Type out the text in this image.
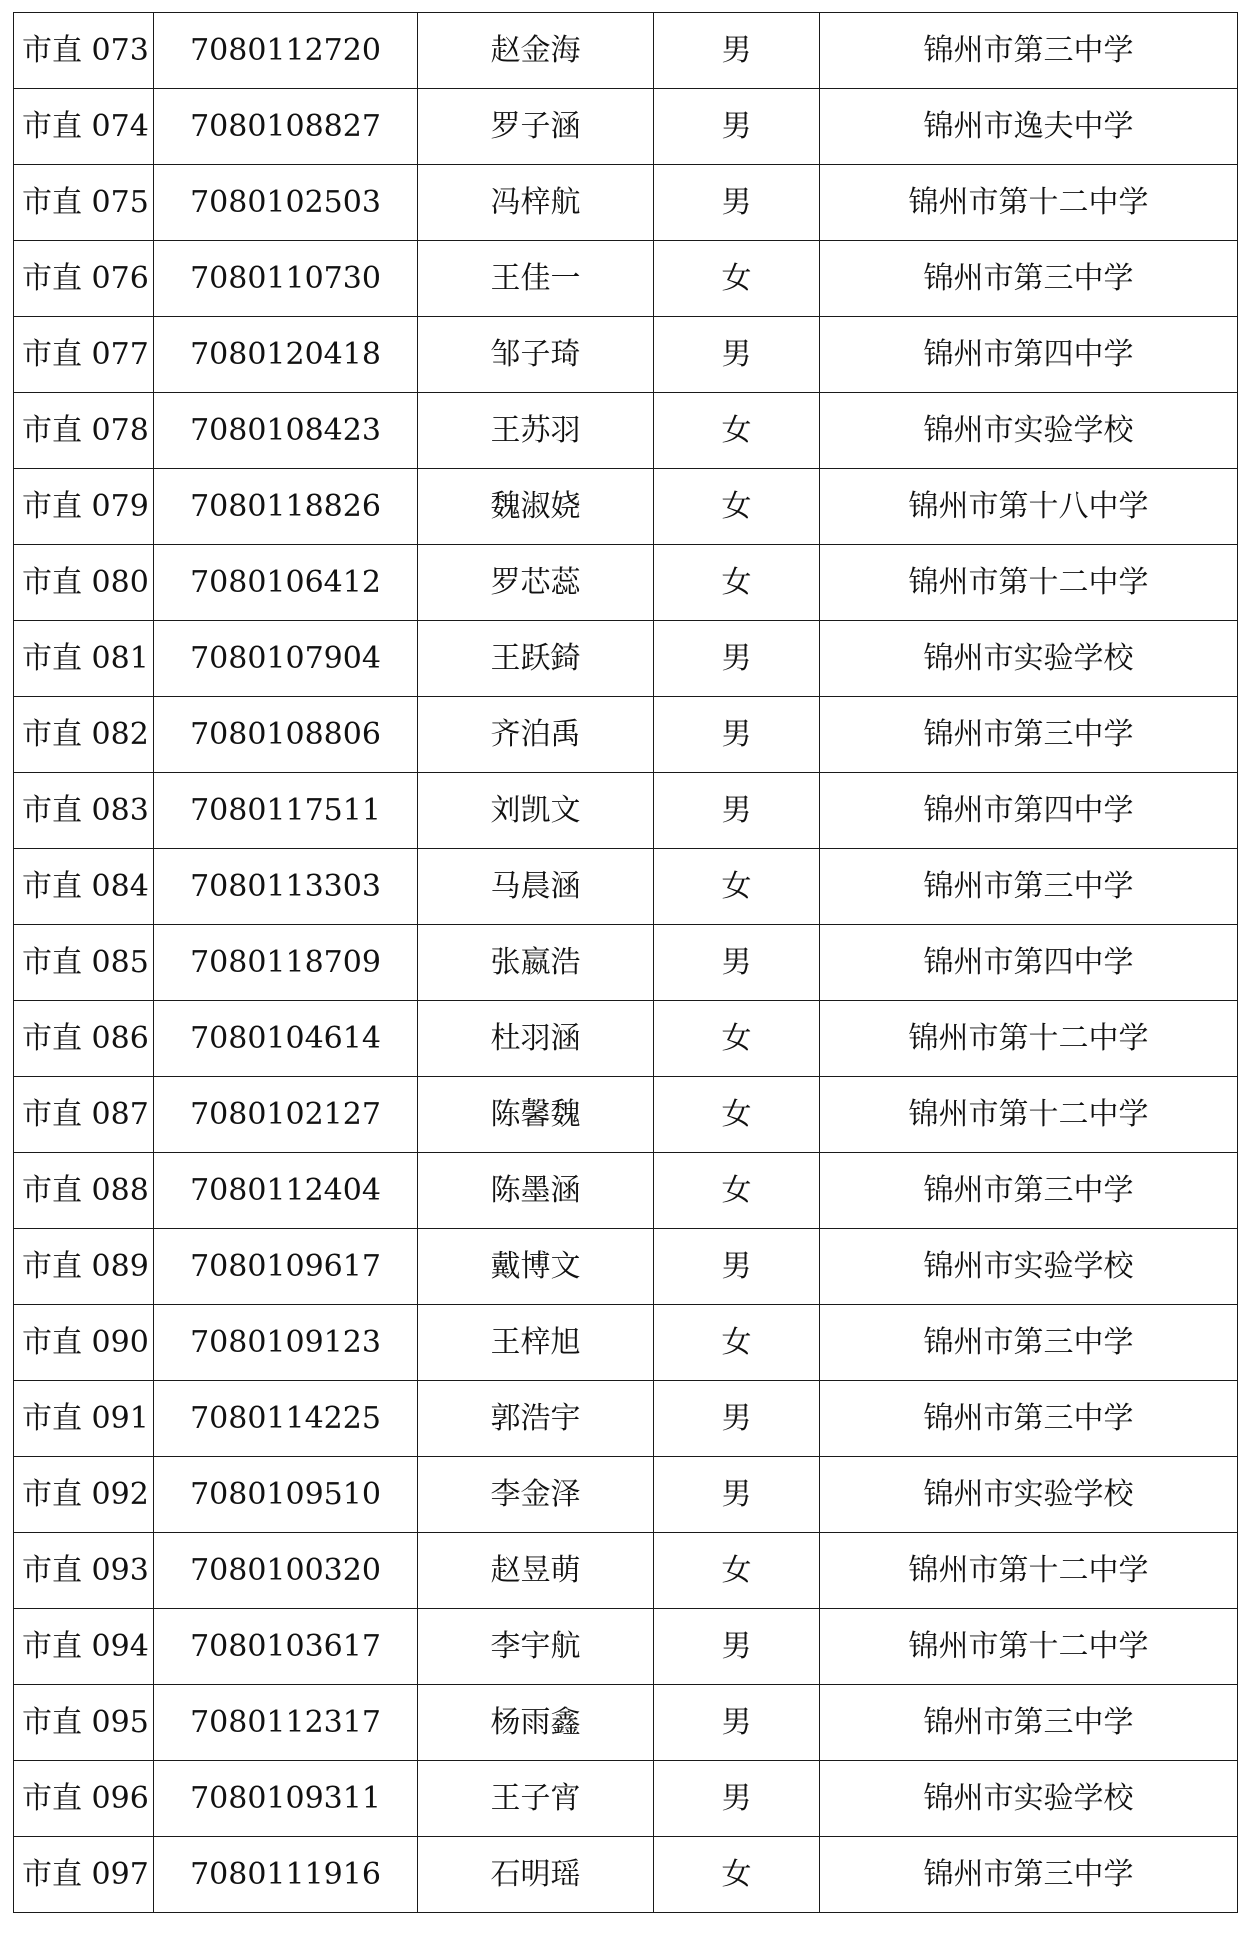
市直 073	7080112720	赵金海	男	锦州市第三中学
市直 074	7080108827	罗子涵	男	锦州市逸夫中学
市直 075	7080102503	冯梓航	男	锦州市第十二中学
市直 076	7080110730	王佳一	女	锦州市第三中学
市直 077	7080120418	邹子琦	男	锦州市第四中学
市直 078	7080108423	王苏羽	女	锦州市实验学校
市直 079	7080118826	魏淑娆	女	锦州市第十八中学
市直 080	7080106412	罗芯蕊	女	锦州市第十二中学
市直 081	7080107904	王跃錡	男	锦州市实验学校
市直 082	7080108806	齐泊禹	男	锦州市第三中学
市直 083	7080117511	刘凯文	男	锦州市第四中学
市直 084	7080113303	马晨涵	女	锦州市第三中学
市直 085	7080118709	张嬴浩	男	锦州市第四中学
市直 086	7080104614	杜羽涵	女	锦州市第十二中学
市直 087	7080102127	陈馨魏	女	锦州市第十二中学
市直 088	7080112404	陈墨涵	女	锦州市第三中学
市直 089	7080109617	戴博文	男	锦州市实验学校
市直 090	7080109123	王梓旭	女	锦州市第三中学
市直 091	7080114225	郭浩宇	男	锦州市第三中学
市直 092	7080109510	李金泽	男	锦州市实验学校
市直 093	7080100320	赵昱萌	女	锦州市第十二中学
市直 094	7080103617	李宇航	男	锦州市第十二中学
市直 095	7080112317	杨雨鑫	男	锦州市第三中学
市直 096	7080109311	王子宵	男	锦州市实验学校
市直 097	7080111916	石明瑶	女	锦州市第三中学
